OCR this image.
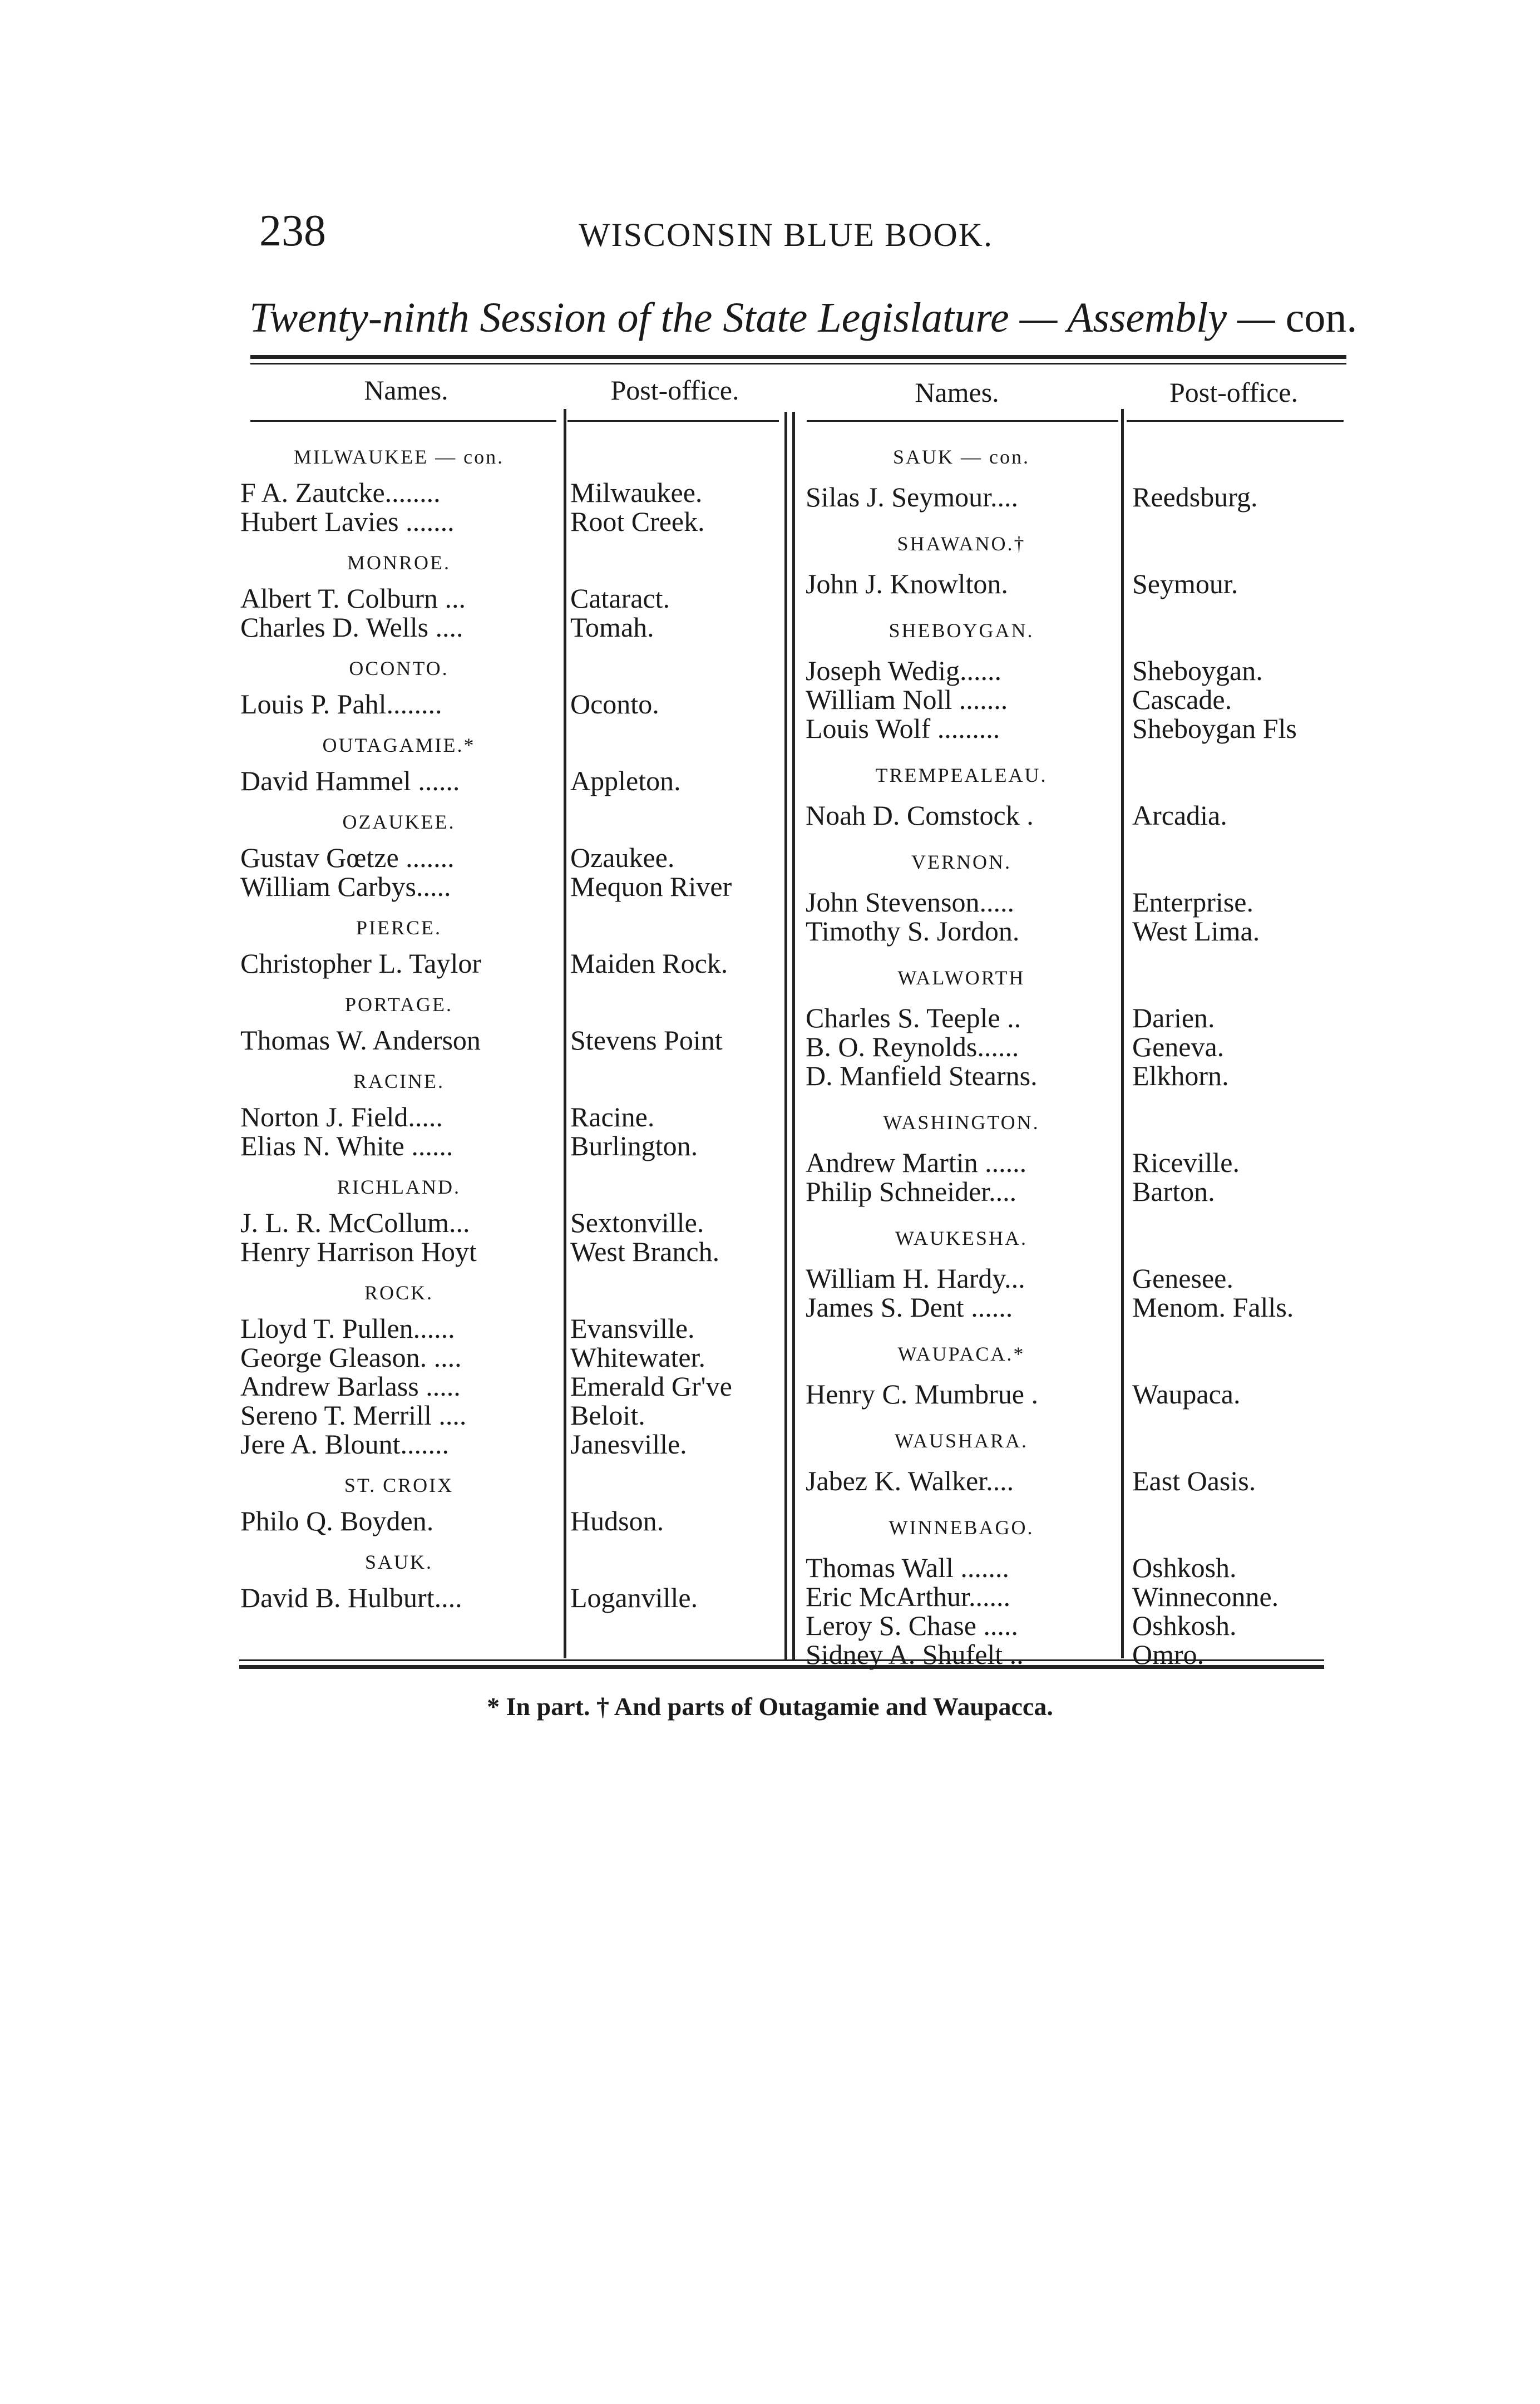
238	WISCONSIN BLUE BOOK.
Twenty-ninth Session of the State Legislature — Assembly — con.
Names.	Post-office.	Names.	Post-office.
MILWAUKEE — con.
F A. Zautcke........	Milwaukee.
Hubert Lavies .......	Root Creek.
MONROE.
Albert T. Colburn ...	Cataract.
Charles D. Wells ....	Tomah.
OCONTO.
Louis P. Pahl........	Oconto.
OUTAGAMIE.*
David Hammel ......	Appleton.
OZAUKEE.
Gustav Gœtze .......	Ozaukee.
William Carbys.....	Mequon River
PIERCE.
Christopher L. Taylor	Maiden Rock.
PORTAGE.
Thomas W. Anderson	Stevens Point
RACINE.
Norton J. Field.....	Racine.
Elias N. White ......	Burlington.
RICHLAND.
J. L. R. McCollum...	Sextonville.
Henry Harrison Hoyt	West Branch.
ROCK.
Lloyd T. Pullen......	Evansville.
George Gleason. ....	Whitewater.
Andrew Barlass .....	Emerald Gr've
Sereno T. Merrill ....	Beloit.
Jere A. Blount.......	Janesville.
ST. CROIX
Philo Q. Boyden.	Hudson.
SAUK.
David B. Hulburt....	Loganville.
SAUK — con.
Silas J. Seymour....	Reedsburg.
SHAWANO.†
John J. Knowlton.	Seymour.
SHEBOYGAN.
Joseph Wedig......	Sheboygan.
William Noll .......	Cascade.
Louis Wolf .........	Sheboygan Fls
TREMPEALEAU.
Noah D. Comstock .	Arcadia.
VERNON.
John Stevenson.....	Enterprise.
Timothy S. Jordon.	West Lima.
WALWORTH
Charles S. Teeple ..	Darien.
B. O. Reynolds......	Geneva.
D. Manfield Stearns.	Elkhorn.
WASHINGTON.
Andrew Martin ......	Riceville.
Philip Schneider....	Barton.
WAUKESHA.
William H. Hardy...	Genesee.
James S. Dent ......	Menom. Falls.
WAUPACA.*
Henry C. Mumbrue .	Waupaca.
WAUSHARA.
Jabez K. Walker....	East Oasis.
WINNEBAGO.
Thomas Wall .......	Oshkosh.
Eric McArthur......	Winneconne.
Leroy S. Chase .....	Oshkosh.
Sidney A. Shufelt ..	Omro.
* In part. † And parts of Outagamie and Waupacca.
